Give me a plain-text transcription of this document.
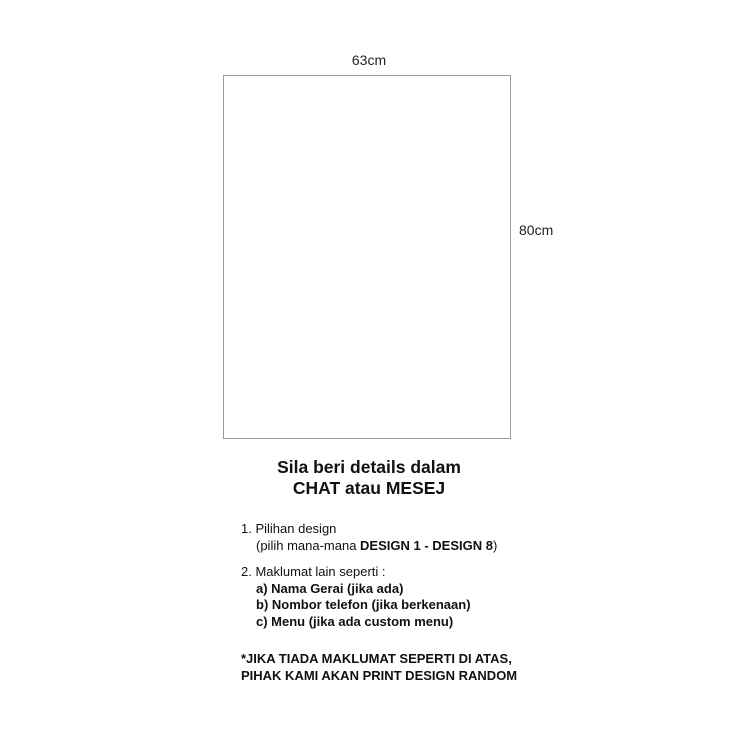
63cm
80cm
Sila beri details dalam
CHAT atau MESEJ
1. Pilihan design
(pilih mana-mana DESIGN 1 - DESIGN 8)
2. Maklumat lain seperti :
a) Nama Gerai (jika ada)
b) Nombor telefon (jika berkenaan)
c) Menu (jika ada custom menu)
*JIKA TIADA MAKLUMAT SEPERTI DI ATAS,
PIHAK KAMI AKAN PRINT DESIGN RANDOM
